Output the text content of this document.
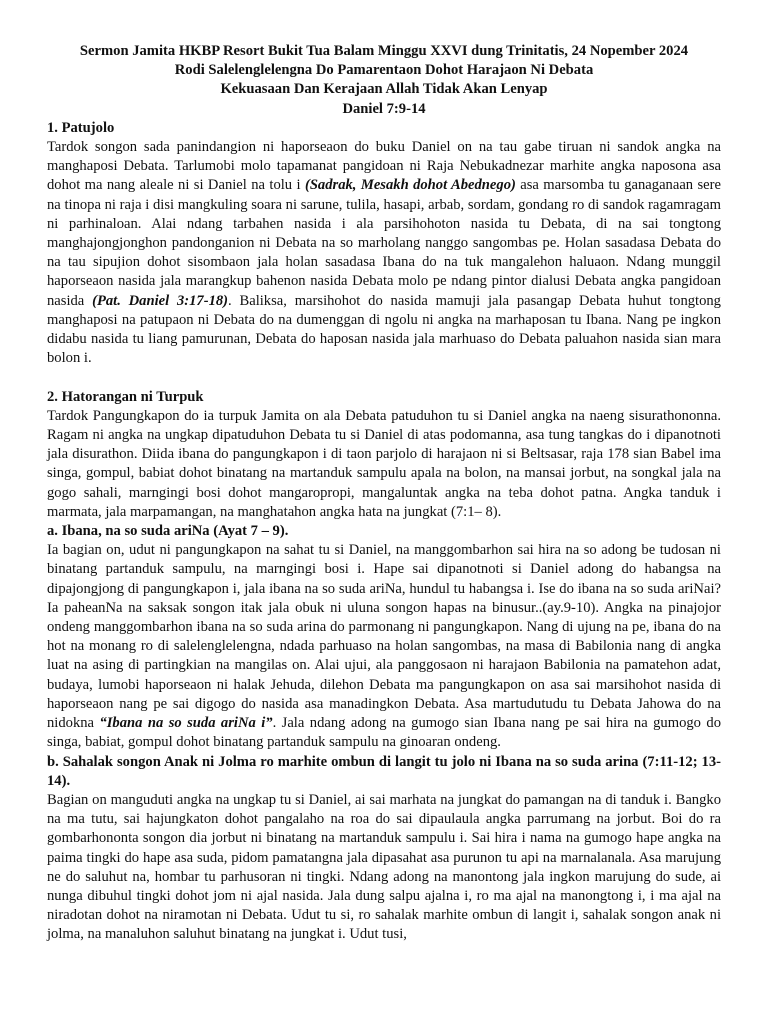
Sermon Jamita HKBP Resort Bukit Tua Balam Minggu XXVI dung Trinitatis, 24 Nopember 2024
Rodi Salelenglelengna Do Pamarentaon Dohot Harajaon Ni Debata
Kekuasaan Dan Kerajaan Allah Tidak Akan Lenyap
Daniel 7:9-14
1. Patujolo

Tardok songon sada panindangion ni haporseaon do buku Daniel on na tau gabe tiruan ni sandok angka na manghaposi Debata. Tarlumobi molo tapamanat pangidoan ni Raja Nebukadnezar marhite angka naposona asa dohot ma nang aleale ni si Daniel na tolu i (Sadrak, Mesakh dohot Abednego) asa marsomba tu ganaganaan sere na tinopa ni raja i disi mangkuling soara ni sarune, tulila, hasapi, arbab, sordam, gondang ro di sandok ragamragam ni parhinaloan. Alai ndang tarbahen nasida i ala parsihohoton nasida tu Debata, di na sai tongtong manghajongjonghon pandonganion ni Debata na so marholang nanggo sangombas pe. Holan sasadasa Debata do na tau sipujion dohot sisombaon jala holan sasadasa Ibana do na tuk mangalehon haluaon. Ndang munggil haporseaon nasida jala marangkup bahenon nasida Debata molo pe ndang pintor dialusi Debata angka pangidoan nasida (Pat. Daniel 3:17-18). Baliksa, marsihohot do nasida mamuji jala pasangap Debata huhut tongtong manghaposi na patupaon ni Debata do na dumenggan di ngolu ni angka na marhaposan tu Ibana. Nang pe ingkon didabu nasida tu liang pamurunan, Debata do haposan nasida jala marhuaso do Debata paluahon nasida sian mara bolon i.

2. Hatorangan ni Turpuk

Tardok Pangungkapon do ia turpuk Jamita on ala Debata patuduhon tu si Daniel angka na naeng sisurathononna. Ragam ni angka na ungkap dipatuduhon Debata tu si Daniel di atas podomanna, asa tung tangkas do i dipanotnoti jala disurathon. Diida ibana do pangungkapon i di taon parjolo di harajaon ni si Beltsasar, raja 178 sian Babel ima singa, gompul, babiat dohot binatang na martanduk sampulu apala na bolon, na mansai jorbut, na songkal jala na gogo sahali, marngingi bosi dohot mangaropropi, mangaluntak angka na teba dohot patna. Angka tanduk i marmata, jala marpamangan, na manghatahon angka hata na jungkat (7:1– 8).

a. Ibana, na so suda ariNa (Ayat 7 – 9).

Ia bagian on, udut ni pangungkapon na sahat tu si Daniel, na manggombarhon sai hira na so adong be tudosan ni binatang partanduk sampulu, na marngingi bosi i. Hape sai dipanotnoti si Daniel adong do habangsa na dipajongjong di pangungkapon i, jala ibana na so suda ariNa, hundul tu habangsa i. Ise do ibana na so suda ariNai? Ia paheanNa na saksak songon itak jala obuk ni uluna songon hapas na binusur..(ay.9-10). Angka na pinajojor ondeng manggombarhon ibana na so suda arina do parmonang ni pangungkapon. Nang di ujung na pe, ibana do na hot na monang ro di salelenglelengna, ndada parhuaso na holan sangombas, na masa di Babilonia nang di angka luat na asing di partingkian na mangilas on. Alai ujui, ala panggosaon ni harajaon Babilonia na pamatehon adat, budaya, lumobi haporseaon ni halak Jehuda, dilehon Debata ma pangungkapon on asa sai marsihohot nasida di haporseaon nang pe sai digogo do nasida asa manadingkon Debata. Asa martudutudu tu Debata Jahowa do na nidokna “Ibana na so suda ariNa i”. Jala ndang adong na gumogo sian Ibana nang pe sai hira na gumogo do singa, babiat, gompul dohot binatang partanduk sampulu na ginoaran ondeng.

b. Sahalak songon Anak ni Jolma ro marhite ombun di langit tu jolo ni Ibana na so suda arina (7:11-12; 13- 14).

Bagian on manguduti angka na ungkap tu si Daniel, ai sai marhata na jungkat do pamangan na di tanduk i. Bangko na ma tutu, sai hajungkaton dohot pangalaho na roa do sai dipaulaula angka parrumang na jorbut. Boi do ra gombarhononta songon dia jorbut ni binatang na martanduk sampulu i. Sai hira i nama na gumogo hape angka na paima tingki do hape asa suda, pidom pamatangna jala dipasahat asa purunon tu api na marnalanala. Asa marujung ne do saluhut na, hombar tu parhusoran ni tingki. Ndang adong na manontong jala ingkon marujung do sude, ai nunga dibuhul tingki dohot jom ni ajal nasida. Jala dung salpu ajalna i, ro ma ajal na manongtong i, i ma ajal na niradotan dohot na niramotan ni Debata. Udut tu si, ro sahalak marhite ombun di langit i, sahalak songon anak ni jolma, na manaluhon saluhut binatang na jungkat i. Udut tusi,
